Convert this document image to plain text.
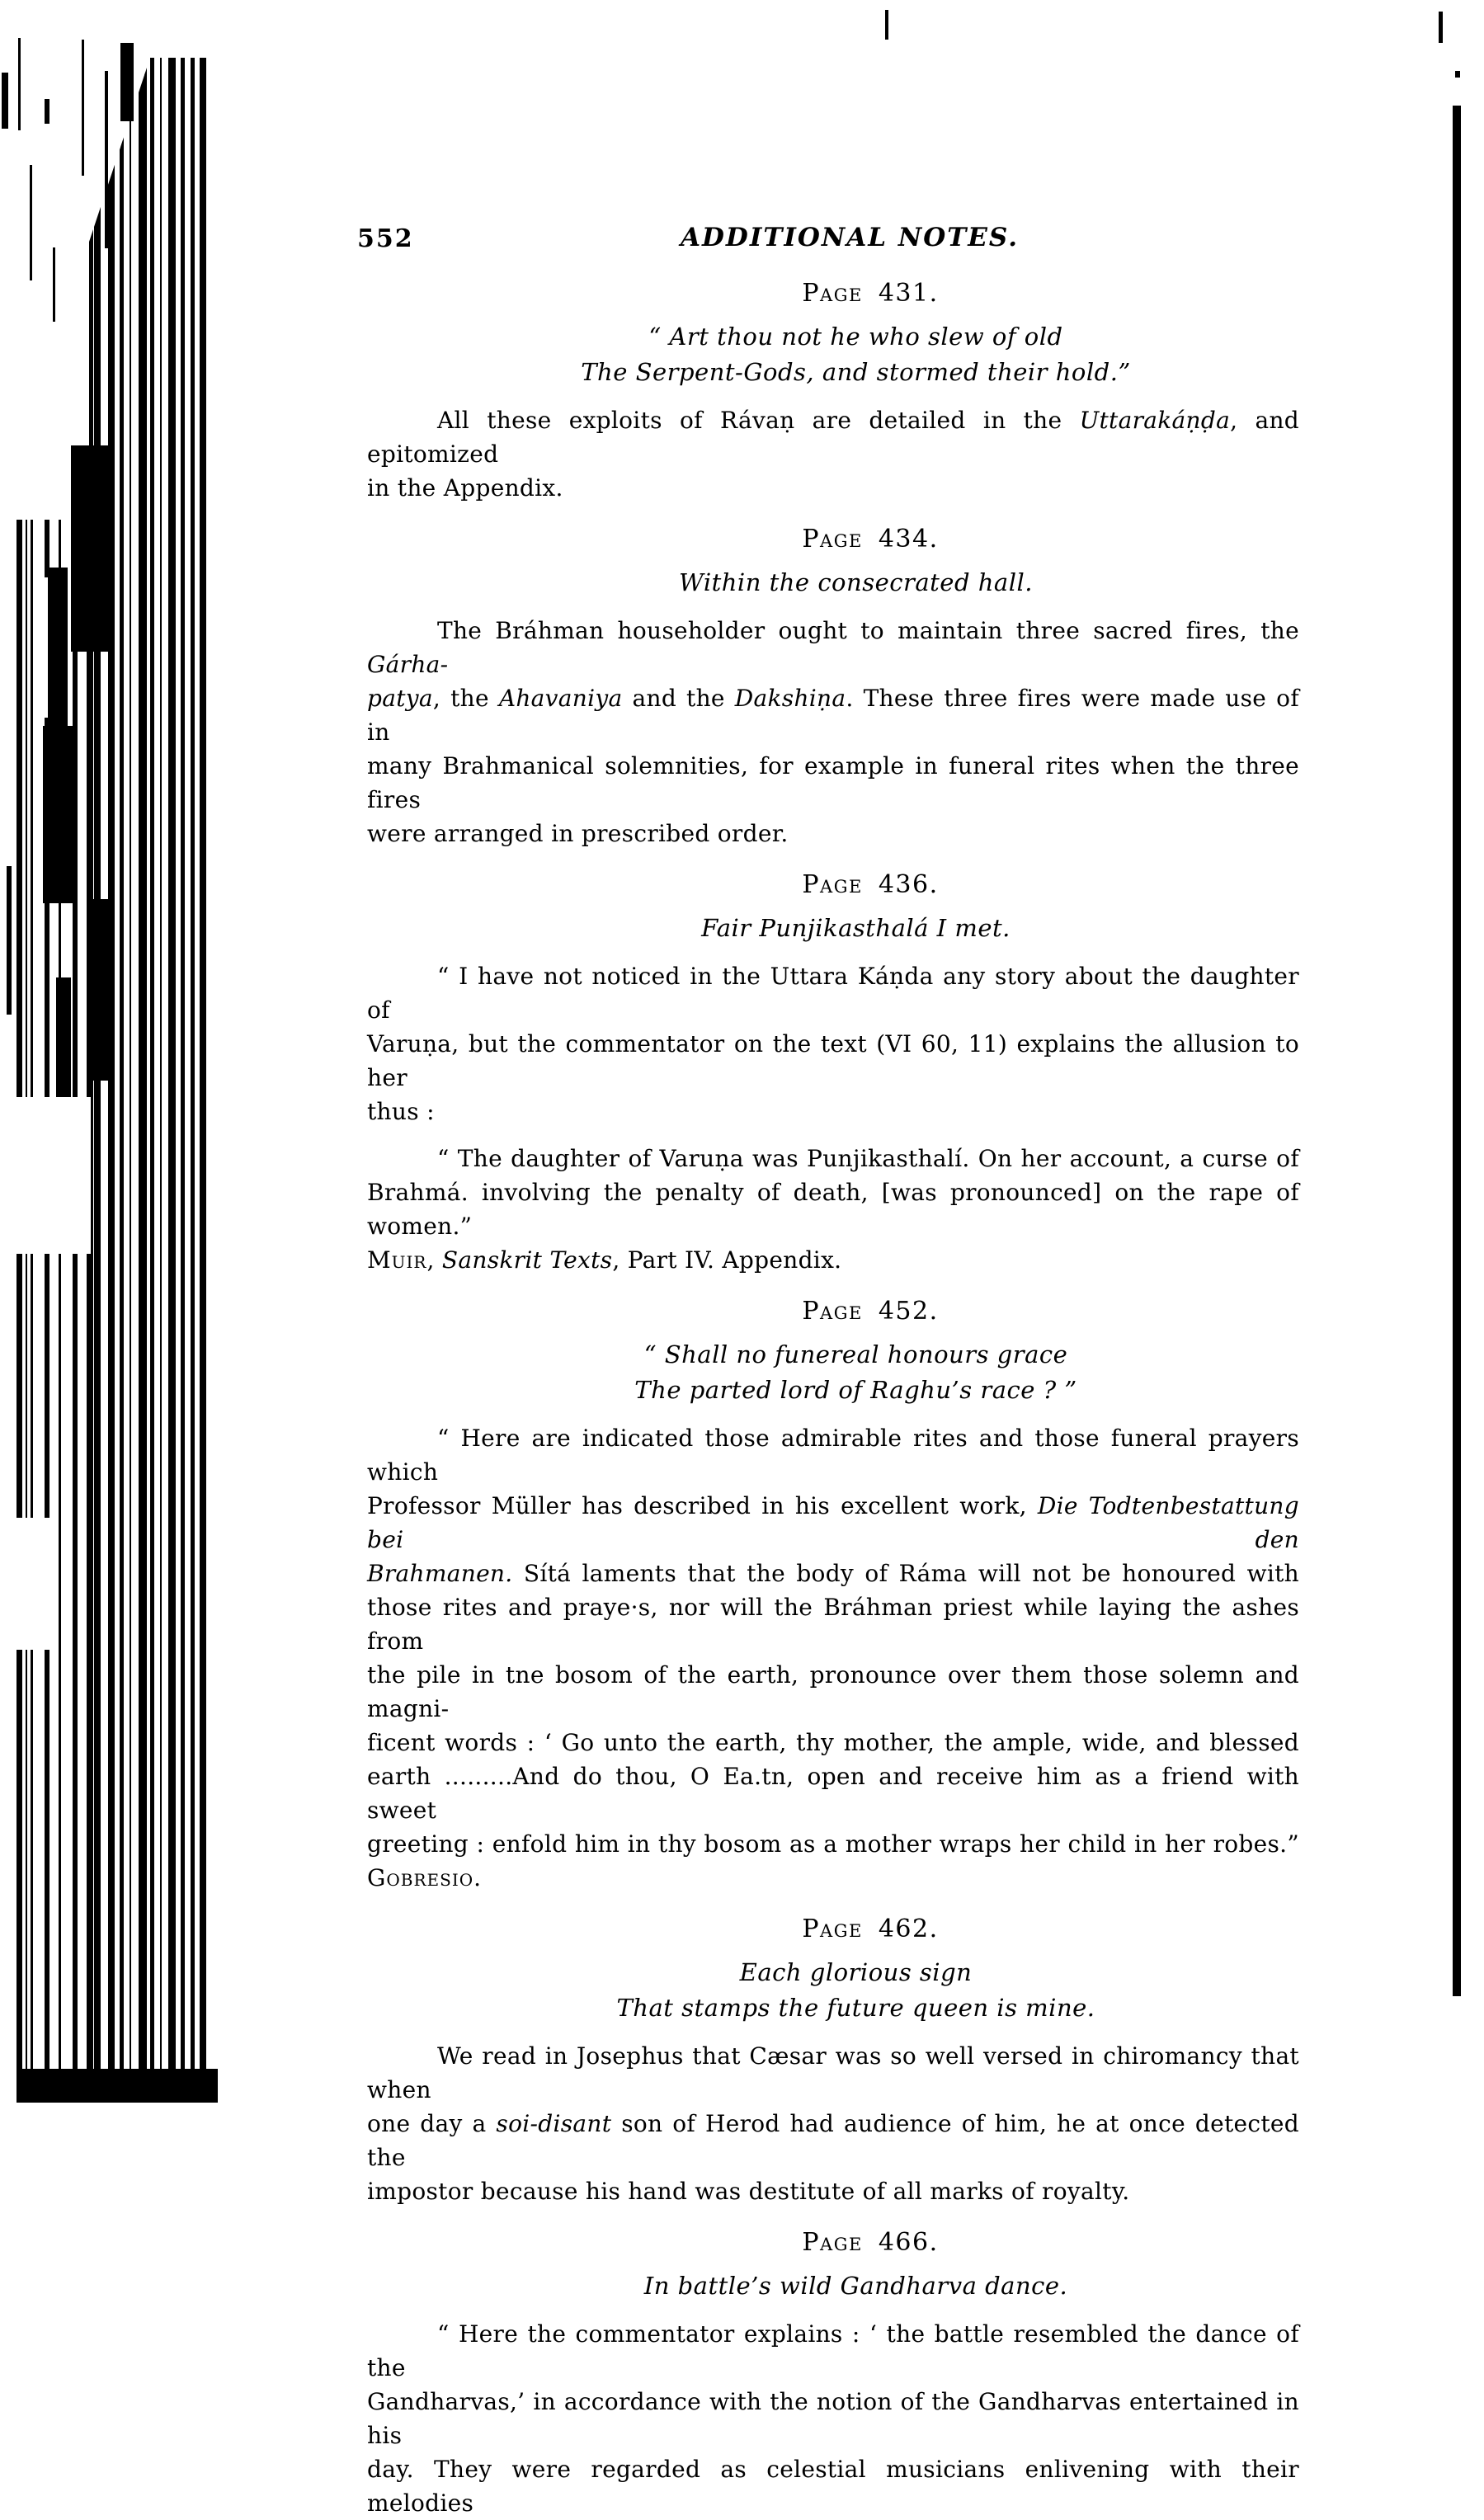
552	ADDITIONAL NOTES.
Page 431.
“ Art thou not he who slew of old
The Serpent-Gods, and stormed their hold.”
All these exploits of Rávaṇ are detailed in the Uttarakáṇḍa, and epitomized
in the Appendix.
Page 434.
Within the consecrated hall.
The Bráhman householder ought to maintain three sacred fires, the Gárha-
patya, the Ahavaniya and the Dakshiṇa. These three fires were made use of in
many Brahmanical solemnities, for example in funeral rites when the three fires
were arranged in prescribed order.
Page 436.
Fair Punjikasthalá I met.
“ I have not noticed in the Uttara Káṇda any story about the daughter of
Varuṇa, but the commentator on the text (VI 60, 11) explains the allusion to her
thus :
“ The daughter of Varuṇa was Punjikasthalí. On her account, a curse of
Brahmá. involving the penalty of death, [was pronounced] on the rape of women.”
Muir, Sanskrit Texts, Part IV. Appendix.
Page 452.
“ Shall no funereal honours grace
The parted lord of Raghu’s race ? ”
“ Here are indicated those admirable rites and those funeral prayers which
Professor Müller has described in his excellent work, Die Todtenbestattung bei den
Brahmanen. Sítá laments that the body of Ráma will not be honoured with
those rites and praye·s, nor will the Bráhman priest while laying the ashes from
the pile in tne bosom of the earth, pronounce over them those solemn and magni-
ficent words : ‘ Go unto the earth, thy mother, the ample, wide, and blessed
earth .........And do thou, O Ea.tn, open and receive him as a friend with sweet
greeting : enfold him in thy bosom as a mother wraps her child in her robes.”
Gobresio.
Page 462.
Each glorious sign
That stamps the future queen is mine.
We read in Josephus that Cæsar was so well versed in chiromancy that when
one day a soi-disant son of Herod had audience of him, he at once detected the
impostor because his hand was destitute of all marks of royalty.
Page 466.
In battle’s wild Gandharva dance.
“ Here the commentator explains : ‘ the battle resembled the dance of the
Gandharvas,’ in accordance with the notion of the Gandharvas entertained in his
day. They were regarded as celestial musicians enlivening with their melodies
